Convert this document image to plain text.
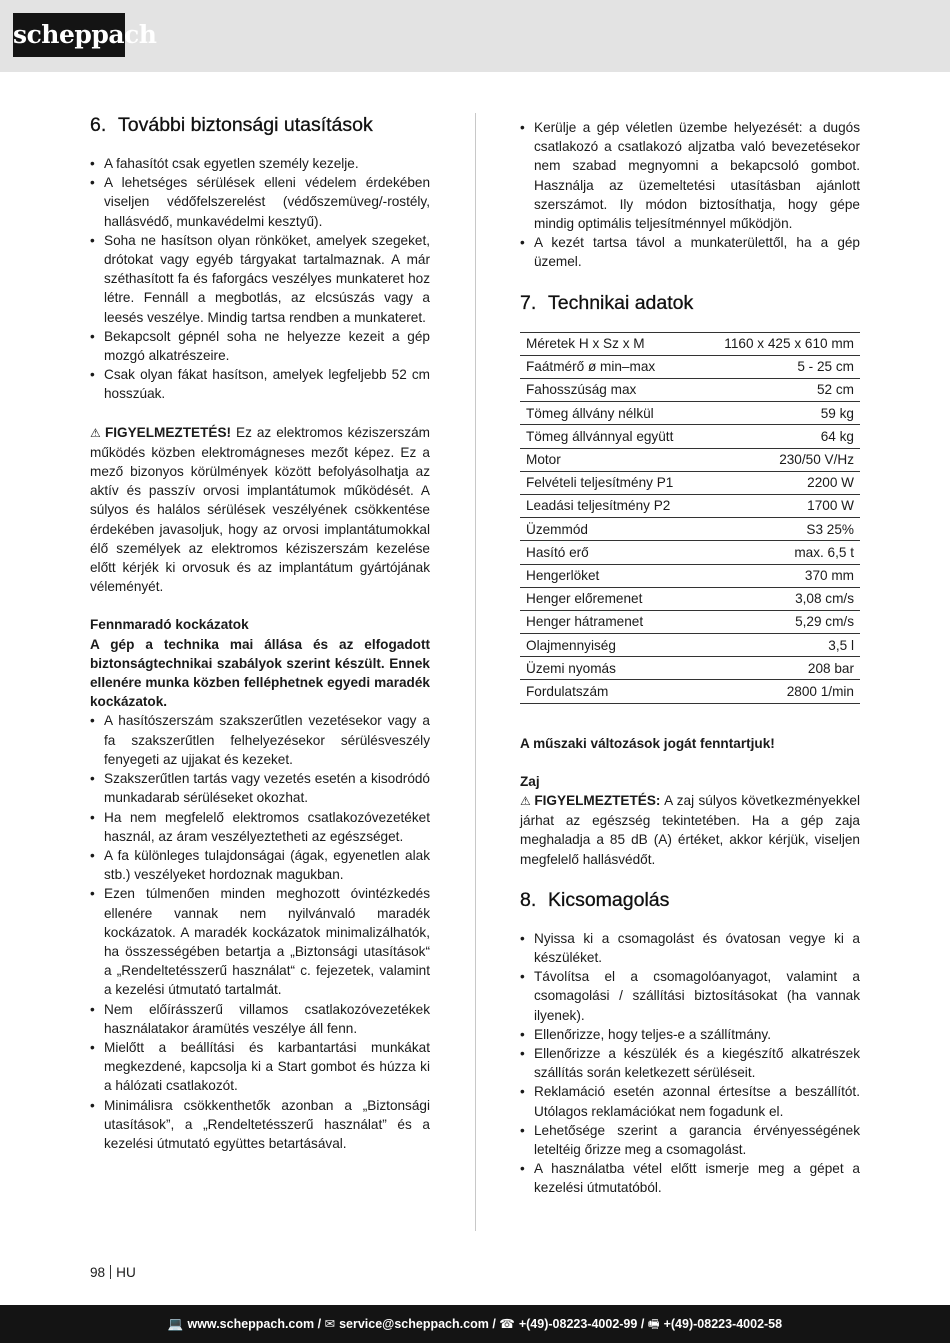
scheppach
6. További biztonsági utasítások
• A fahasítót csak egyetlen személy kezelje.
• A lehetséges sérülések elleni védelem érdekében viseljen védőfelszerelést (védőszemüveg/-rostély, hallásvédő, munkavédelmi kesztyű).
• Soha ne hasítson olyan rönköket, amelyek szegeket, drótokat vagy egyéb tárgyakat tartalmaznak. A már széthasított fa és faforgács veszélyes munkateret hoz létre. Fennáll a megbotlás, az elcsúszás vagy a leesés veszélye. Mindig tartsa rendben a munkateret.
• Bekapcsolt gépnél soha ne helyezze kezeit a gép mozgó alkatrészeire.
• Csak olyan fákat hasítson, amelyek legfeljebb 52 cm hosszúak.

⚠ FIGYELMEZTETÉS! Ez az elektromos kéziszerszám működés közben elektromágneses mezőt képez. Ez a mező bizonyos körülmények között befolyásolhatja az aktív és passzív orvosi implantátumok működését. A súlyos és halálos sérülések veszélyének csökkentése érdekében javasoljuk, hogy az orvosi implantátumokkal élő személyek az elektromos kéziszerszám kezelése előtt kérjék ki orvosuk és az implantátum gyártójának véleményét.

Fennmaradó kockázatok

A gép a technika mai állása és az elfogadott biztonságtechnikai szabályok szerint készült. Ennek ellenére munka közben felléphetnek egyedi maradék kockázatok.

• A hasítószerszám szakszerűtlen vezetésekor vagy a fa szakszerűtlen felhelyezésekor sérülésveszély fenyegeti az ujjakat és kezeket.
• Szakszerűtlen tartás vagy vezetés esetén a kisodródó munkadarab sérüléseket okozhat.
• Ha nem megfelelő elektromos csatlakozóvezetéket használ, az áram veszélyeztetheti az egészséget.
• A fa különleges tulajdonságai (ágak, egyenetlen alak stb.) veszélyeket hordoznak magukban.
• Ezen túlmenően minden meghozott óvintézkedés ellenére vannak nem nyilvánvaló maradék kockázatok. A maradék kockázatok minimalizálhatók, ha összességében betartja a „Biztonsági utasítások“ a „Rendeltetésszerű használat“ c. fejezetek, valamint a kezelési útmutató tartalmát.
• Nem előírásszerű villamos csatlakozóvezetékek használatakor áramütés veszélye áll fenn.
• Mielőtt a beállítási és karbantartási munkákat megkezdené, kapcsolja ki a Start gombot és húzza ki a hálózati csatlakozót.
• Minimálisra csökkenthetők azonban a „Biztonsági utasítások”, a „Rendeltetésszerű használat” és a kezelési útmutató együttes betartásával.
• Kerülje a gép véletlen üzembe helyezését: a dugós csatlakozó a csatlakozó aljzatba való bevezetésekor nem szabad megnyomni a bekapcsoló gombot. Használja az üzemeltetési utasításban ajánlott szerszámot. Ily módon biztosíthatja, hogy gépe mindig optimális teljesítménnyel működjön.
• A kezét tartsa távol a munkaterülettől, ha a gép üzemel.
7. Technikai adatok
Méretek H x Sz x M	1160 x 425 x 610 mm
Faátmérő ø min–max	5 - 25 cm
Fahosszúság max	52 cm
Tömeg állvány nélkül	59 kg
Tömeg állvánnyal együtt	64 kg
Motor	230/50 V/Hz
Felvételi teljesítmény P1	2200 W
Leadási teljesítmény P2	1700 W
Üzemmód	S3 25%
Hasító erő	max. 6,5 t
Hengerlöket	370 mm
Henger előremenet	3,08 cm/s
Henger hátramenet	5,29 cm/s
Olajmennyiség	3,5 l
Üzemi nyomás	208 bar
Fordulatszám	2800 1/min

A műszaki változások jogát fenntartjuk!

Zaj

⚠ FIGYELMEZTETÉS: A zaj súlyos következményekkel járhat az egészség tekintetében. Ha a gép zaja meghaladja a 85 dB (A) értéket, akkor kérjük, viseljen megfelelő hallásvédőt.

8. Kicsomagolás
• Nyissa ki a csomagolást és óvatosan vegye ki a készüléket.
• Távolítsa el a csomagolóanyagot, valamint a csomagolási / szállítási biztosításokat (ha vannak ilyenek).
• Ellenőrizze, hogy teljes-e a szállítmány.
• Ellenőrizze a készülék és a kiegészítő alkatrészek szállítás során keletkezett sérüléseit.
• Reklamáció esetén azonnal értesítse a beszállítót. Utólagos reklamációkat nem fogadunk el.
• Lehetősége szerint a garancia érvényességének leteltéig őrizze meg a csomagolást.
• A használatba vétel előtt ismerje meg a gépet a kezelési útmutatóból.
98 HU
💻 www.scheppach.com / ✉ service@scheppach.com / ☎ +(49)-08223-4002-99 / 🖷 +(49)-08223-4002-58
